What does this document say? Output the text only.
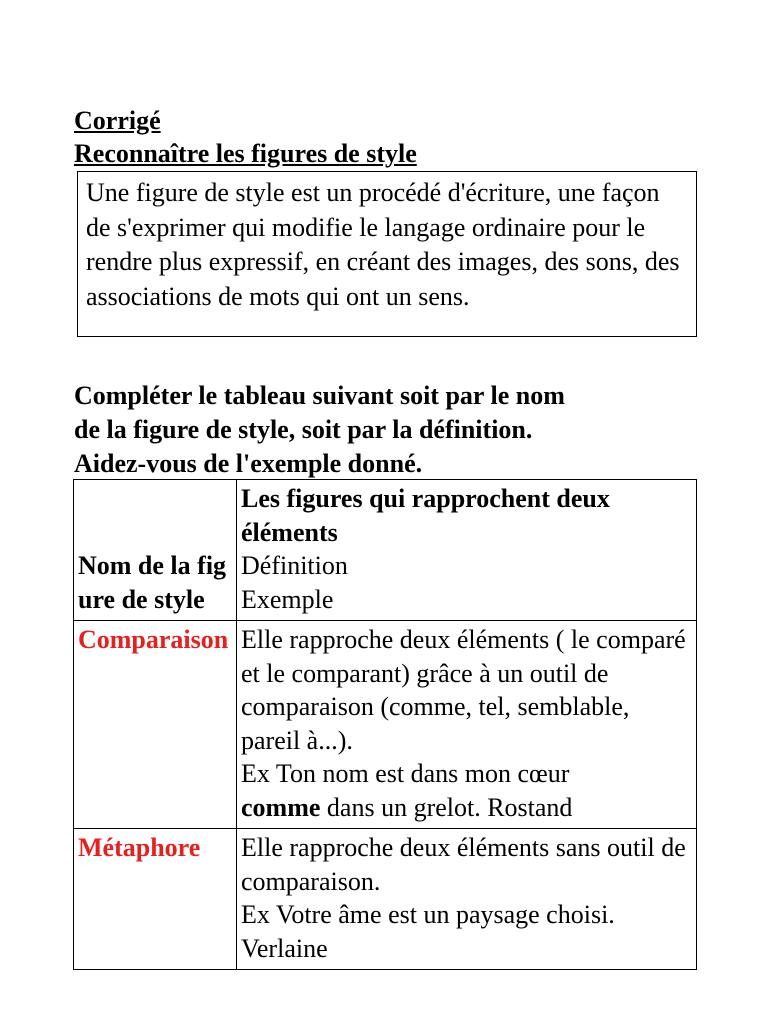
Corrigé
Reconnaître les figures de style
Une figure de style est un procédé d'écriture, une façon de s'exprimer qui modifie le langage ordinaire pour le rendre plus expressif, en créant des images, des sons, des associations de mots qui ont un sens.
Compléter le tableau suivant soit par le nom
de la figure de style, soit par la définition.
Aidez-vous de l'exemple donné.
Nom de la figure de style	Les figures qui rapprochent deux éléments
Définition
Exemple

Comparaison	Elle rapproche deux éléments ( le comparé et le comparant) grâce à un outil de comparaison (comme, tel, semblable, pareil à...).
Ex Ton nom est dans mon cœur
comme dans un grelot. Rostand

Métaphore	Elle rapproche deux éléments sans outil de comparaison.
Ex Votre âme est un paysage choisi. Verlaine
